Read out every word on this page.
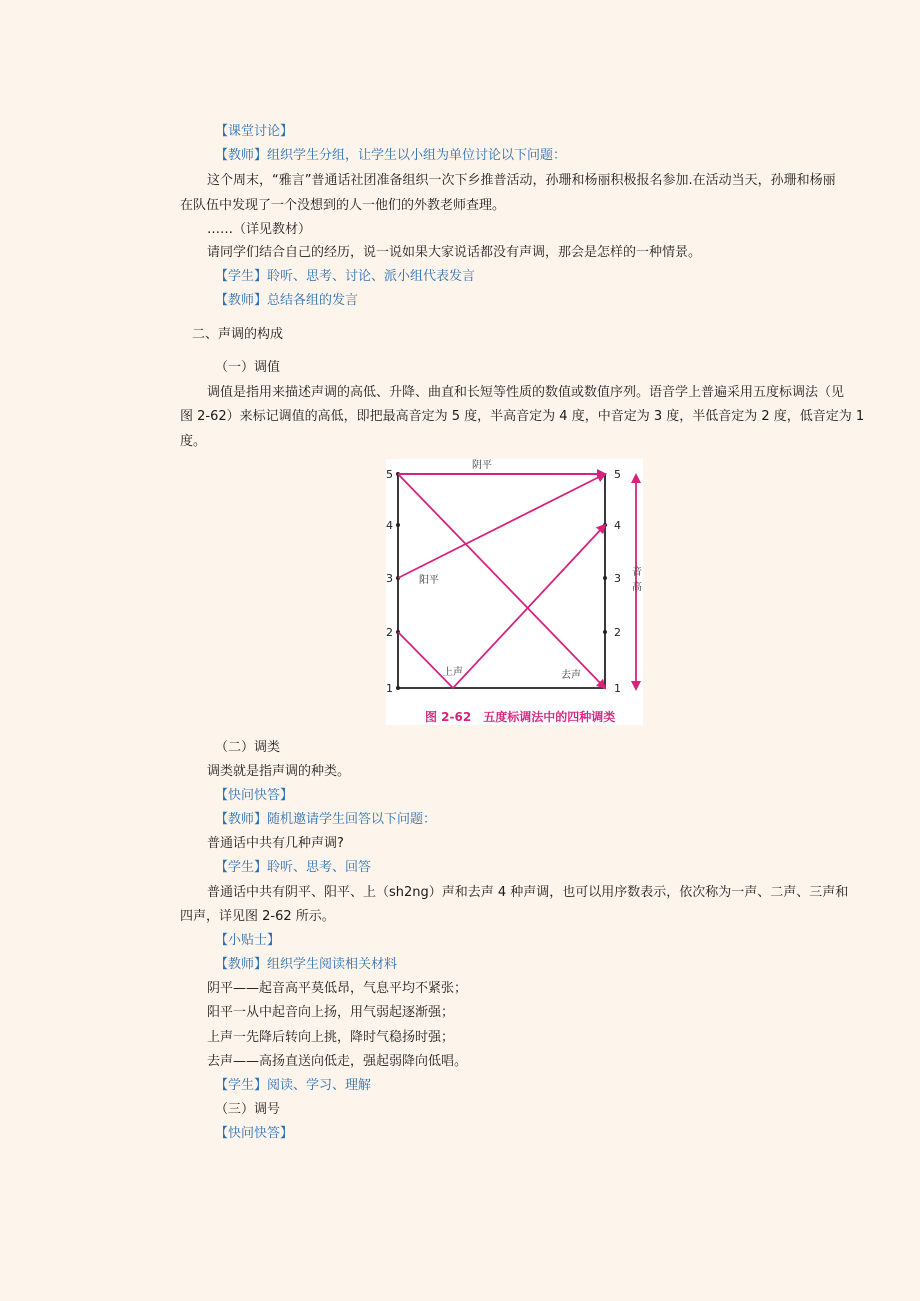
【课堂讨论】
【教师】组织学生分组，让学生以小组为单位讨论以下问题：
这个周末，“雅言”普通话社团准备组织一次下乡推普活动，孙珊和杨丽积极报名参加.在活动当天，孙珊和杨丽
在队伍中发现了一个没想到的人一他们的外教老师查理。
……（详见教材）
请同学们结合自己的经历，说一说如果大家说话都没有声调，那会是怎样的一种情景。
【学生】聆听、思考、讨论、派小组代表发言
【教师】总结各组的发言
二、声调的构成
（一）调值
调值是指用来描述声调的高低、升降、曲直和长短等性质的数值或数值序列。语音学上普遍采用五度标调法（见
图 2-62）来标记调值的高低，即把最高音定为 5 度，半高音定为 4 度，中音定为 3 度，半低音定为 2 度，低音定为 1
度。
5
4
3
2
1
5
4
3
2
1
阴平
阳平
上声	去声
音
高
图 2-62　五度标调法中的四种调类
（二）调类
调类就是指声调的种类。
【快问快答】
【教师】随机邀请学生回答以下问题：
普通话中共有几种声调?
【学生】聆听、思考、回答
普通话中共有阴平、阳平、上（sh2ng）声和去声 4 种声调，也可以用序数表示，依次称为一声、二声、三声和
四声，详见图 2-62 所示。
【小贴士】
【教师】组织学生阅读相关材料
阴平——起音高平莫低昂，气息平均不紧张；
阳平一从中起音向上扬，用气弱起逐渐强；
上声一先降后转向上挑，降时气稳扬时强；
去声——高扬直送向低走，强起弱降向低唱。
【学生】阅读、学习、理解
（三）调号
【快问快答】
